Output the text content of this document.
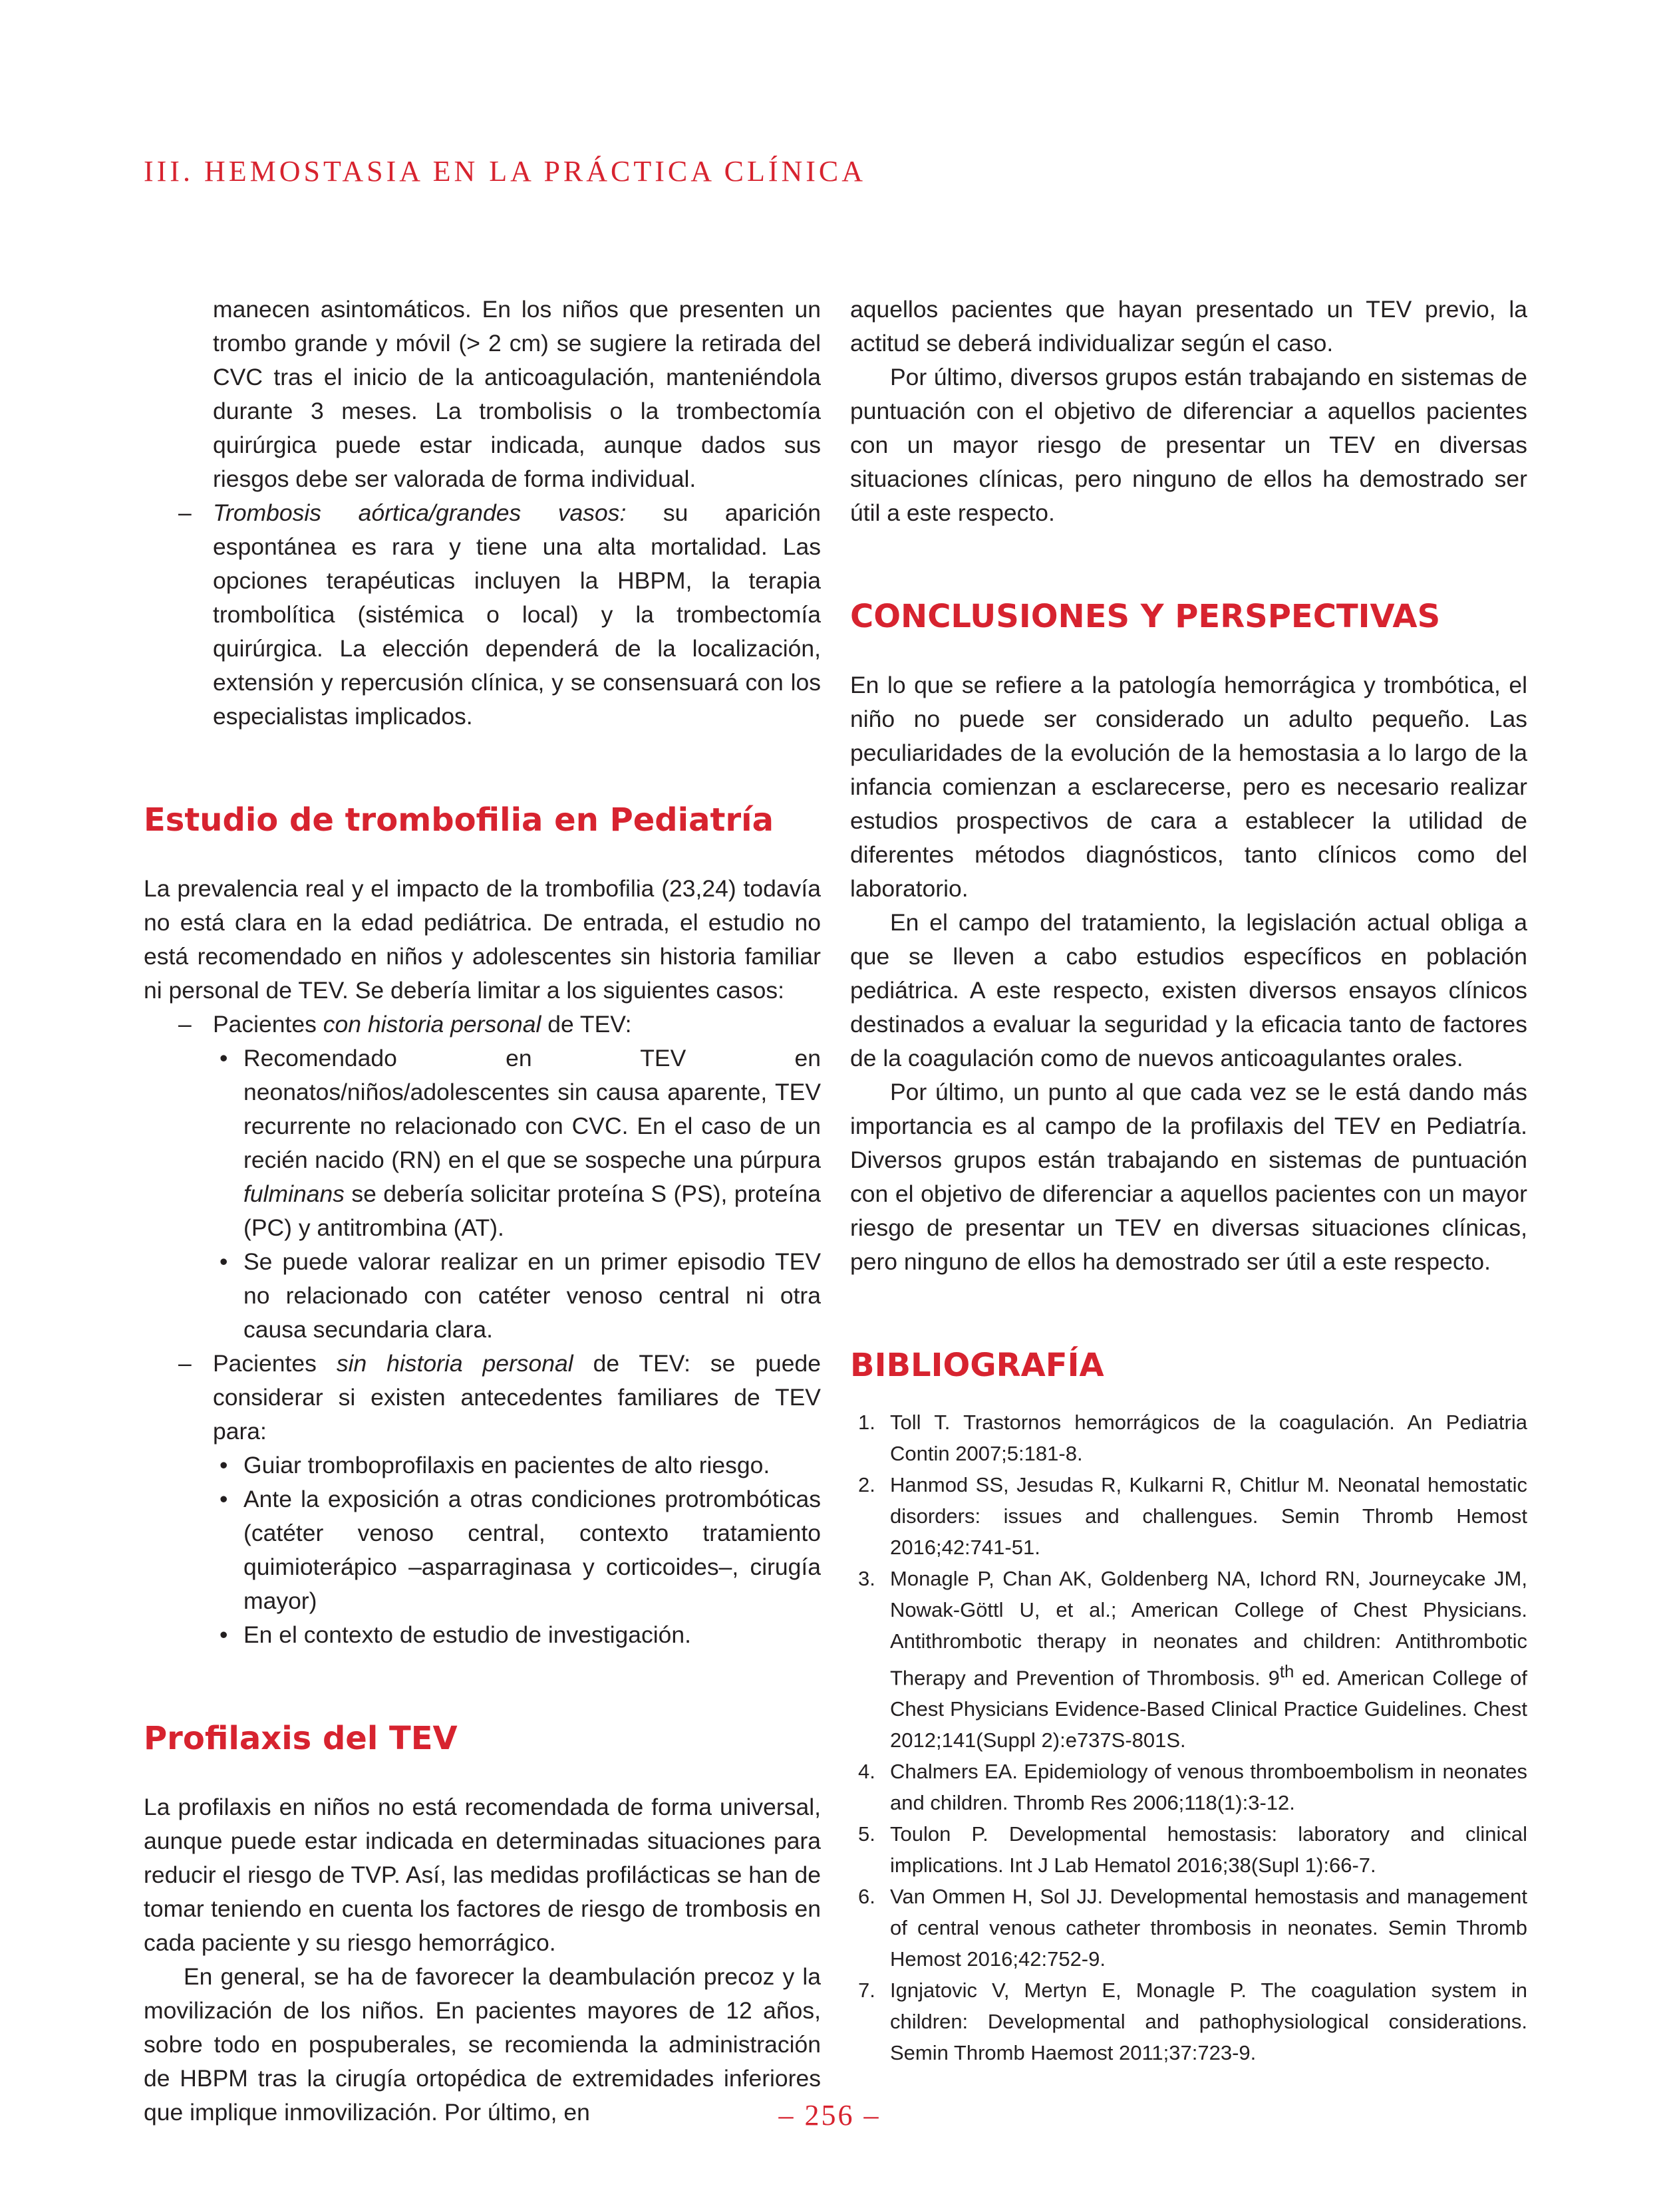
III. HEMOSTASIA EN LA PRÁCTICA CLÍNICA

manecen asintomáticos. En los niños que presenten un trombo grande y móvil (> 2 cm) se sugiere la retirada del CVC tras el inicio de la anticoagulación, manteniéndola durante 3 meses. La trombolisis o la trombectomía quirúrgica puede estar indicada, aunque dados sus riesgos debe ser valorada de forma individual.

– Trombosis aórtica/grandes vasos: su aparición espontánea es rara y tiene una alta mortalidad. Las opciones terapéuticas incluyen la HBPM, la terapia trombolítica (sistémica o local) y la trombectomía quirúrgica. La elección dependerá de la localización, extensión y repercusión clínica, y se consensuará con los especialistas implicados.
Estudio de trombofilia en Pediatría

La prevalencia real y el impacto de la trombofilia (23,24) todavía no está clara en la edad pediátrica. De entrada, el estudio no está recomendado en niños y adolescentes sin historia familiar ni personal de TEV. Se debería limitar a los siguientes casos:

– Pacientes con historia personal de TEV:
• Recomendado en TEV en neonatos/niños/adolescentes sin causa aparente, TEV recurrente no relacionado con CVC. En el caso de un recién nacido (RN) en el que se sospeche una púrpura fulminans se debería solicitar proteína S (PS), proteína (PC) y antitrombina (AT).
• Se puede valorar realizar en un primer episodio TEV no relacionado con catéter venoso central ni otra causa secundaria clara.
– Pacientes sin historia personal de TEV: se puede considerar si existen antecedentes familiares de TEV para:
• Guiar tromboprofilaxis en pacientes de alto riesgo.
• Ante la exposición a otras condiciones protrombóticas (catéter venoso central, contexto tratamiento quimioterápico –asparraginasa y corticoides–, cirugía mayor)
• En el contexto de estudio de investigación.
Profilaxis del TEV

La profilaxis en niños no está recomendada de forma universal, aunque puede estar indicada en determinadas situaciones para reducir el riesgo de TVP. Así, las medidas profilácticas se han de tomar teniendo en cuenta los factores de riesgo de trombosis en cada paciente y su riesgo hemorrágico.

En general, se ha de favorecer la deambulación precoz y la movilización de los niños. En pacientes mayores de 12 años, sobre todo en pospuberales, se recomienda la administración de HBPM tras la cirugía ortopédica de extremidades inferiores que implique inmovilización. Por último, en

aquellos pacientes que hayan presentado un TEV previo, la actitud se deberá individualizar según el caso.

Por último, diversos grupos están trabajando en sistemas de puntuación con el objetivo de diferenciar a aquellos pacientes con un mayor riesgo de presentar un TEV en diversas situaciones clínicas, pero ninguno de ellos ha demostrado ser útil a este respecto.

CONCLUSIONES Y PERSPECTIVAS

En lo que se refiere a la patología hemorrágica y trombótica, el niño no puede ser considerado un adulto pequeño. Las peculiaridades de la evolución de la hemostasia a lo largo de la infancia comienzan a esclarecerse, pero es necesario realizar estudios prospectivos de cara a establecer la utilidad de diferentes métodos diagnósticos, tanto clínicos como del laboratorio.

En el campo del tratamiento, la legislación actual obliga a que se lleven a cabo estudios específicos en población pediátrica. A este respecto, existen diversos ensayos clínicos destinados a evaluar la seguridad y la eficacia tanto de factores de la coagulación como de nuevos anticoagulantes orales.

Por último, un punto al que cada vez se le está dando más importancia es al campo de la profilaxis del TEV en Pediatría. Diversos grupos están trabajando en sistemas de puntuación con el objetivo de diferenciar a aquellos pacientes con un mayor riesgo de presentar un TEV en diversas situaciones clínicas, pero ninguno de ellos ha demostrado ser útil a este respecto.

BIBLIOGRAFÍA
1. Toll T. Trastornos hemorrágicos de la coagulación. An Pediatria Contin 2007;5:181-8.
2. Hanmod SS, Jesudas R, Kulkarni R, Chitlur M. Neonatal hemostatic disorders: issues and challengues. Semin Thromb Hemost 2016;42:741-51.
3. Monagle P, Chan AK, Goldenberg NA, Ichord RN, Journeycake JM, Nowak-Göttl U, et al.; American College of Chest Physicians. Antithrombotic therapy in neonates and children: Antithrombotic Therapy and Prevention of Thrombosis. 9th ed. American College of Chest Physicians Evidence-Based Clinical Practice Guidelines. Chest 2012;141(Suppl 2):e737S-801S.
4. Chalmers EA. Epidemiology of venous thromboembolism in neonates and children. Thromb Res 2006;118(1):3-12.
5. Toulon P. Developmental hemostasis: laboratory and clinical implications. Int J Lab Hematol 2016;38(Supl 1):66-7.
6. Van Ommen H, Sol JJ. Developmental hemostasis and management of central venous catheter thrombosis in neonates. Semin Thromb Hemost 2016;42:752-9.
7. Ignjatovic V, Mertyn E, Monagle P. The coagulation system in children: Developmental and pathophysiological considerations. Semin Thromb Haemost 2011;37:723-9.
– 256 –
